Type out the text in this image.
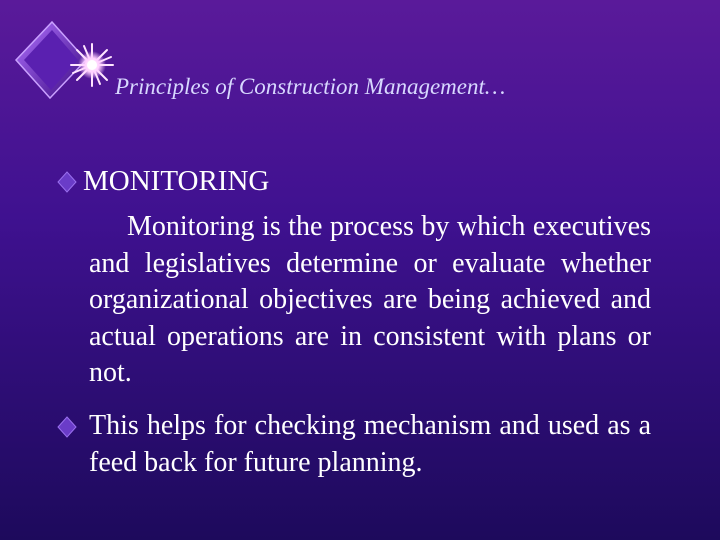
Principles of Construction Management…
MONITORING
Monitoring is the process by which executives and legislatives determine or evaluate whether organizational objectives are being achieved and actual operations are in consistent with plans or not.
This helps for checking mechanism and used as a feed back for future planning.
